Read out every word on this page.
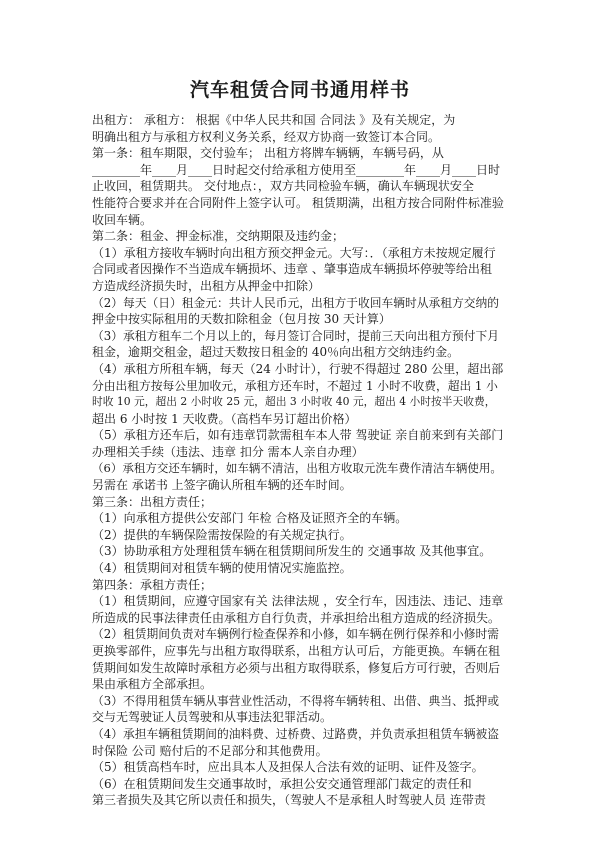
汽车租赁合同书通用样书
出租方： 承租方： 根据《中华人民共和国 合同法 》及有关规定，为
明确出租方与承租方权利义务关系，经双方协商一致签订本合同。
第一条：租车期限，交付验车； 出租方将牌车辆辆，车辆号码，从
________年____月____日时起交付给承租方使用至________年____月____日时
止收回，租赁期共。 交付地点：，双方共同检验车辆，确认车辆现状安全
性能符合要求并在合同附件上签字认可。 租赁期满，出租方按合同附件标准验
收回车辆。
第二条：租金、押金标准，交纳期限及违约金；
（1）承租方接收车辆时向出租方预交押金元。大写：．（承租方未按规定履行
合同或者因操作不当造成车辆损坏、违章 、肇事造成车辆损坏停驶等给出租
方造成经济损失时，出租方从押金中扣除）
（2）每天（日）租金元：共计人民币元，出租方于收回车辆时从承租方交纳的
押金中按实际租用的天数扣除租金（包月按 30 天计算）
（3）承租方租车二个月以上的，每月签订合同时，提前三天向出租方预付下月
租金，逾期交租金，超过天数按日租金的 40％向出租方交纳违约金。
（4）承租方所租车辆，每天（24 小时计），行驶不得超过 280 公里，超出部
分由出租方按每公里加收元，承租方还车时，不超过 1 小时不收费，超出 1 小
时收 10 元，超出 2 小时收 25 元，超出 3 小时收 40 元，超出 4 小时按半天收费，
超出 6 小时按 1 天收费。（高档车另订超出价格）
（5）承租方还车后，如有违章罚款需租车本人带 驾驶证 亲自前来到有关部门
办理相关手续（违法、违章 扣分 需本人亲自办理）
（6）承租方交还车辆时，如车辆不清洁，出租方收取元洗车费作清洁车辆使用。
另需在 承诺书 上签字确认所租车辆的还车时间。
第三条：出租方责任；
（1）向承租方提供公安部门 年检 合格及证照齐全的车辆。
（2）提供的车辆保险需按保险的有关规定执行。
（3）协助承租方处理租赁车辆在租赁期间所发生的 交通事故 及其他事宜。
（4）租赁期间对租赁车辆的使用情况实施监控。
第四条：承租方责任；
（1）租赁期间，应遵守国家有关 法律法规 ，安全行车，因违法、违记、违章
所造成的民事法律责任由承租方自行负责，并承担给出租方造成的经济损失。
（2）租赁期间负责对车辆例行检查保养和小修，如车辆在例行保养和小修时需
更换零部件，应事先与出租方取得联系，出租方认可后，方能更换。车辆在租
赁期间如发生故障时承租方必须与出租方取得联系，修复后方可行驶，否则后
果由承租方全部承担。
（3）不得用租赁车辆从事营业性活动，不得将车辆转租、出借、典当、抵押或
交与无驾驶证人员驾驶和从事违法犯罪活动。
（4）承担车辆租赁期间的油料费、过桥费、过路费，并负责承担租赁车辆被盗
时保险 公司 赔付后的不足部分和其他费用。
（5）租赁高档车时，应出具本人及担保人合法有效的证明、证件及签字。
（6）在租赁期间发生交通事故时，承担公安交通管理部门裁定的责任和
第三者损失及其它所以责任和损失，（驾驶人不是承租人时驾驶人员 连带责
